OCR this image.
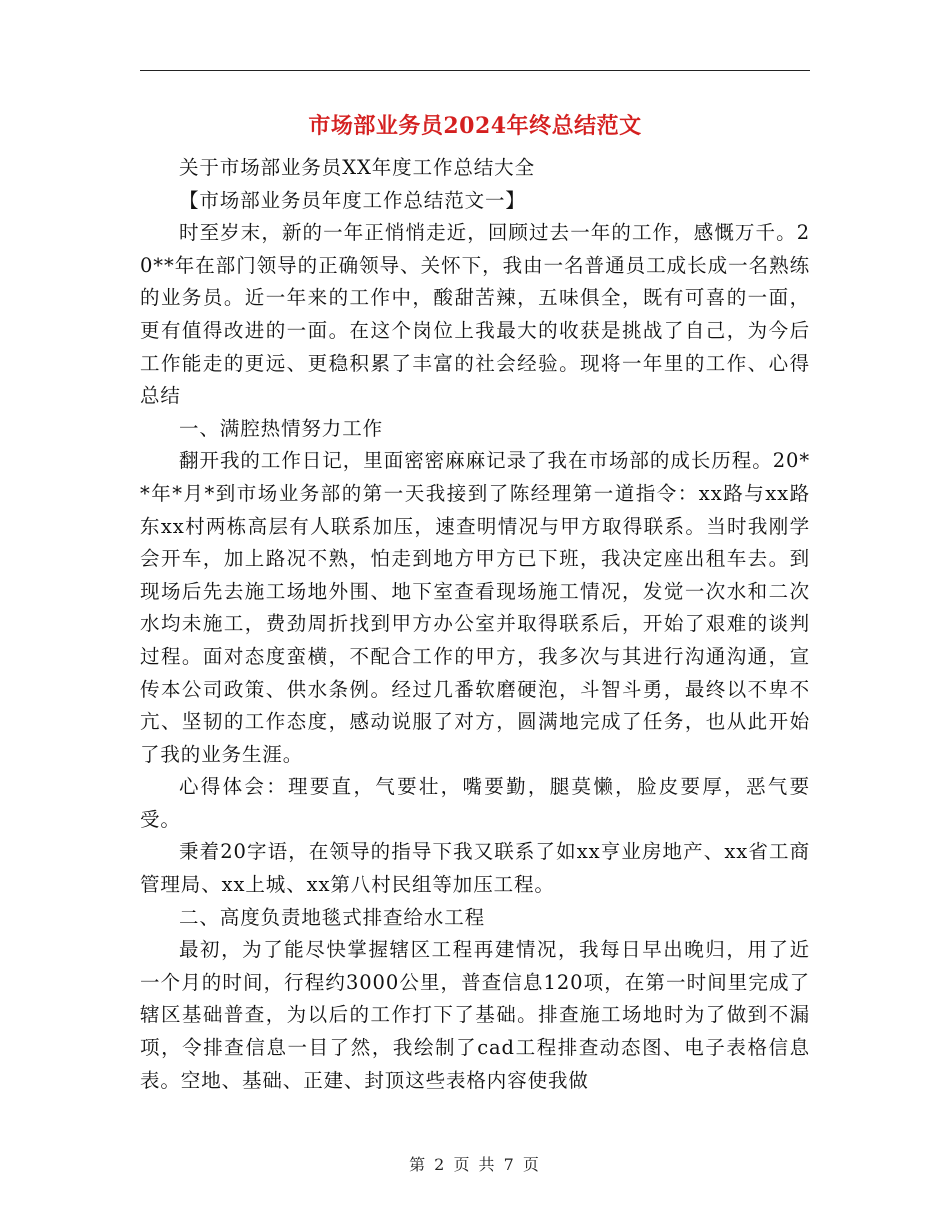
市场部业务员2024年终总结范文

关于市场部业务员XX年度工作总结大全

【市场部业务员年度工作总结范文一】

时至岁末，新的一年正悄悄走近，回顾过去一年的工作，感慨万千。20**年在部门领导的正确领导、关怀下，我由一名普通员工成长成一名熟练的业务员。近一年来的工作中，酸甜苦辣，五味俱全，既有可喜的一面，更有值得改进的一面。在这个岗位上我最大的收获是挑战了自己，为今后工作能走的更远、更稳积累了丰富的社会经验。现将一年里的工作、心得总结

一、满腔热情努力工作

翻开我的工作日记，里面密密麻麻记录了我在市场部的成长历程。20**年*月*到市场业务部的第一天我接到了陈经理第一道指令：xx路与xx路东xx村两栋高层有人联系加压，速查明情况与甲方取得联系。当时我刚学会开车，加上路况不熟，怕走到地方甲方已下班，我决定座出租车去。到现场后先去施工场地外围、地下室查看现场施工情况，发觉一次水和二次水均未施工，费劲周折找到甲方办公室并取得联系后，开始了艰难的谈判过程。面对态度蛮横，不配合工作的甲方，我多次与其进行沟通沟通，宣传本公司政策、供水条例。经过几番软磨硬泡，斗智斗勇，最终以不卑不亢、坚韧的工作态度，感动说服了对方，圆满地完成了任务，也从此开始了我的业务生涯。

心得体会：理要直，气要壮，嘴要勤，腿莫懒，脸皮要厚，恶气要受。

秉着20字语，在领导的指导下我又联系了如xx亨业房地产、xx省工商管理局、xx上城、xx第八村民组等加压工程。

二、高度负责地毯式排查给水工程

最初，为了能尽快掌握辖区工程再建情况，我每日早出晚归，用了近一个月的时间，行程约3000公里，普查信息120项，在第一时间里完成了辖区基础普查，为以后的工作打下了基础。排查施工场地时为了做到不漏项，令排查信息一目了然，我绘制了cad工程排查动态图、电子表格信息表。空地、基础、正建、封顶这些表格内容使我做

第 2 页 共 7 页
